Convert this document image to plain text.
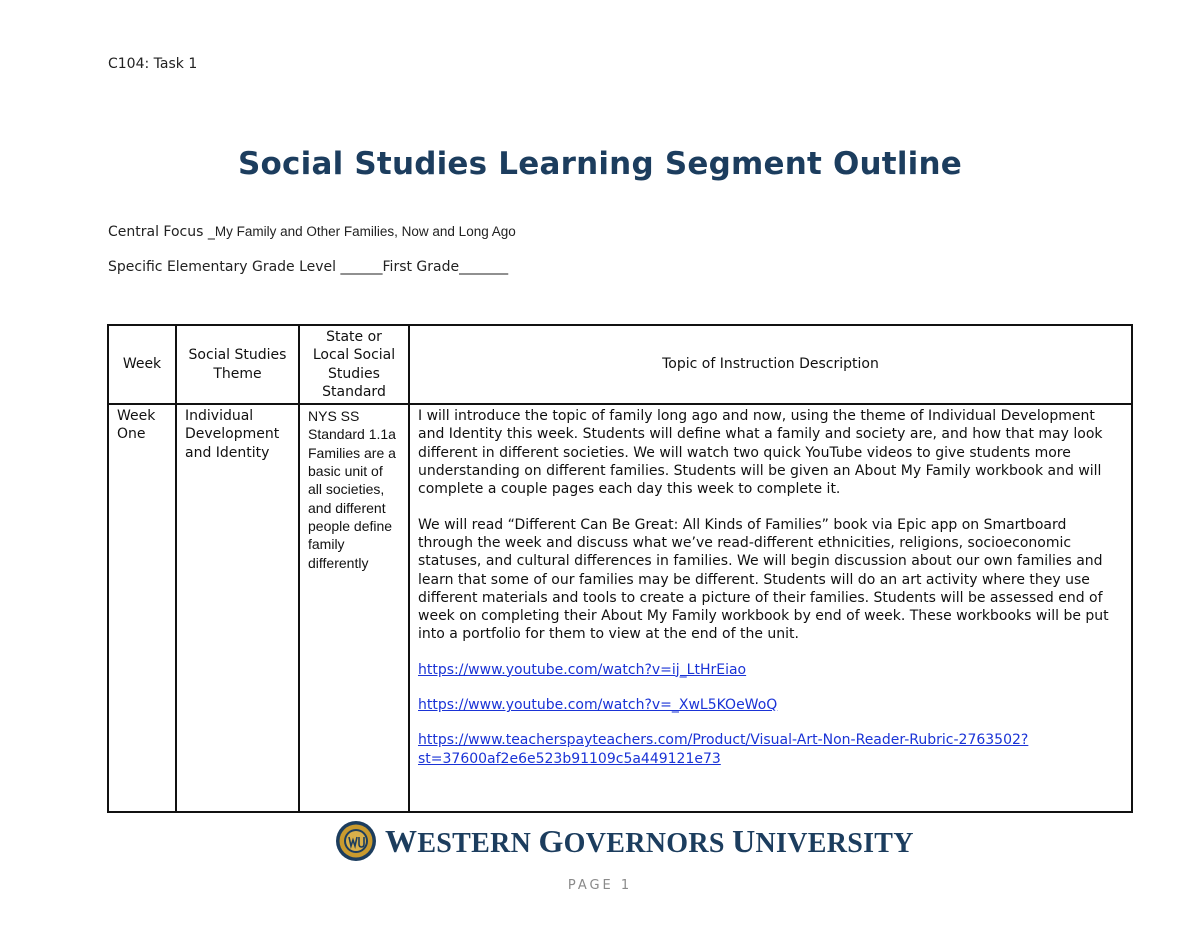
C104: Task 1
Social Studies Learning Segment Outline
Central Focus _My Family and Other Families, Now and Long Ago
Specific Elementary Grade Level ______First Grade_______
Week	Social Studies Theme	State or Local Social Studies Standard	Topic of Instruction Description
Week One	Individual Development and Identity	NYS SS Standard 1.1a Families are a basic unit of all societies, and different people define family differently	I will introduce the topic of family long ago and now, using the theme of Individual Development and Identity this week. Students will define what a family and society are, and how that may look different in different societies. We will watch two quick YouTube videos to give students more understanding on different families. Students will be given an About My Family workbook and will complete a couple pages each day this week to complete it.

We will read “Different Can Be Great: All Kinds of Families” book via Epic app on Smartboard through the week and discuss what we’ve read-different ethnicities, religions, socioeconomic statuses, and cultural differences in families. We will begin discussion about our own families and learn that some of our families may be different. Students will do an art activity where they use different materials and tools to create a picture of their families. Students will be assessed end of week on completing their About My Family workbook by end of week. These workbooks will be put into a portfolio for them to view at the end of the unit.

https://www.youtube.com/watch?v=ij_LtHrEiao

https://www.youtube.com/watch?v=_XwL5KOeWoQ

https://www.teacherspayteachers.com/Product/Visual-Art-Non-Reader-Rubric-2763502?st=37600af2e6e523b91109c5a449121e73

WESTERN GOVERNORS UNIVERSITY
PAGE 1
